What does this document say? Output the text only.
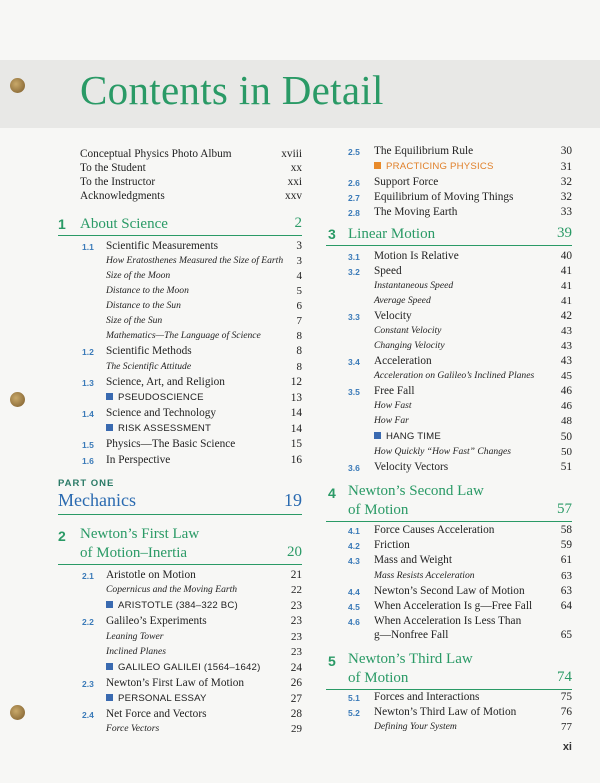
Contents in Detail
Conceptual Physics Photo Album	xviii
To the Student	xx
To the Instructor	xxi
Acknowledgments	xxv
1 About Science	2
1.1 Scientific Measurements	3
How Eratosthenes Measured the Size of Earth 3
Size of the Moon	4
Distance to the Moon	5
Distance to the Sun	6
Size of the Sun	7
Mathematics—The Language of Science	8
1.2 Scientific Methods	8
The Scientific Attitude	8
1.3 Science, Art, and Religion	12
PSEUDOSCIENCE	13
1.4 Science and Technology	14
RISK ASSESSMENT	14
1.5 Physics—The Basic Science	15
1.6 In Perspective	16
PART ONE
Mechanics	19
2 Newton’s First Law
of Motion–Inertia	20
2.1 Aristotle on Motion	21
Copernicus and the Moving Earth	22
ARISTOTLE (384–322 BC)	23
2.2 Galileo’s Experiments	23
Leaning Tower	23
Inclined Planes	23
GALILEO GALILEI (1564–1642)	24
2.3 Newton’s First Law of Motion	26
PERSONAL ESSAY	27
2.4 Net Force and Vectors	28
Force Vectors	29
2.5 The Equilibrium Rule	30
PRACTICING PHYSICS	31
2.6 Support Force	32
2.7 Equilibrium of Moving Things	32
2.8 The Moving Earth	33
3 Linear Motion	39
3.1 Motion Is Relative	40
3.2 Speed	41
Instantaneous Speed	41
Average Speed	41
3.3 Velocity	42
Constant Velocity	43
Changing Velocity	43
3.4 Acceleration	43
Acceleration on Galileo’s Inclined Planes 45
3.5 Free Fall	46
How Fast	46
How Far	48
HANG TIME	50
How Quickly “How Fast” Changes	50
3.6 Velocity Vectors	51
4 Newton’s Second Law
of Motion	57
4.1 Force Causes Acceleration	58
4.2 Friction	59
4.3 Mass and Weight	61
Mass Resists Acceleration	63
4.4 Newton’s Second Law of Motion	63
4.5 When Acceleration Is g—Free Fall	64
4.6 When Acceleration Is Less Than
g—Nonfree Fall	65
5 Newton’s Third Law
of Motion	74
5.1 Forces and Interactions	75
5.2 Newton’s Third Law of Motion	76
Defining Your System	77
xi
